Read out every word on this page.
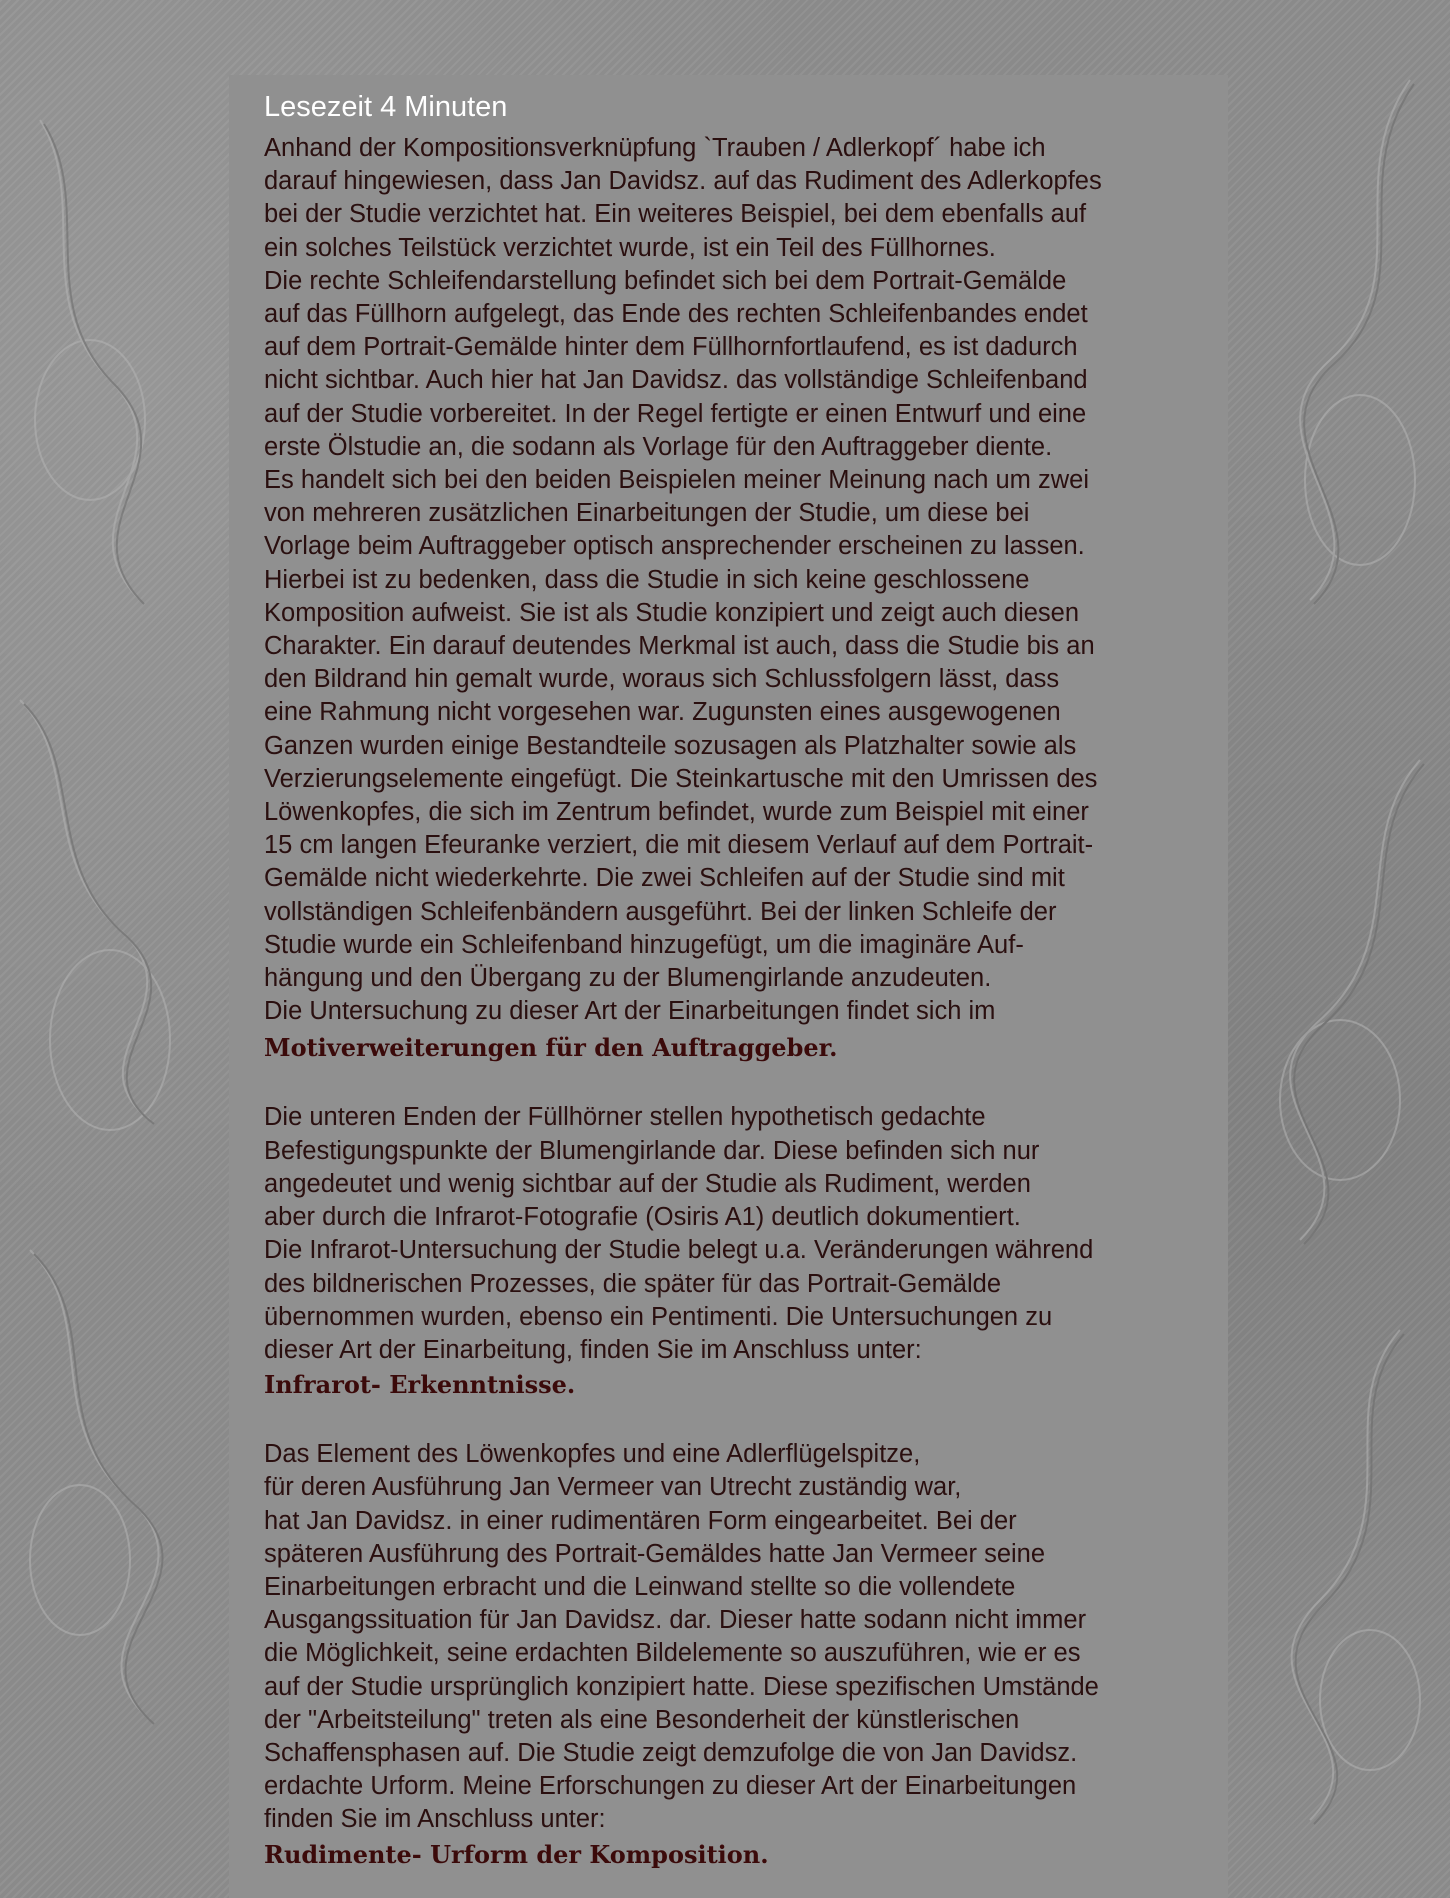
Lesezeit 4 Minuten

Anhand der Kompositionsverknüpfung `Trauben / Adlerkopf´ habe ich
darauf hingewiesen, dass Jan Davidsz. auf das Rudiment des Adlerkopfes
bei der Studie verzichtet hat. Ein weiteres Beispiel, bei dem ebenfalls auf
ein solches Teilstück verzichtet wurde, ist ein Teil des Füllhornes.
Die rechte Schleifendarstellung befindet sich bei dem Portrait-Gemälde
auf das Füllhorn aufgelegt, das Ende des rechten Schleifenbandes endet
auf dem Portrait-Gemälde hinter dem Füllhornfortlaufend, es ist dadurch
nicht sichtbar. Auch hier hat Jan Davidsz. das vollständige Schleifenband
auf der Studie vorbereitet. In der Regel fertigte er einen Entwurf und eine
erste Ölstudie an, die sodann als Vorlage für den Auftraggeber diente.
Es handelt sich bei den beiden Beispielen meiner Meinung nach um zwei
von mehreren zusätzlichen Einarbeitungen der Studie, um diese bei
Vorlage beim Auftraggeber optisch ansprechender erscheinen zu lassen.
Hierbei ist zu bedenken, dass die Studie in sich keine geschlossene
Komposition aufweist. Sie ist als Studie konzipiert und zeigt auch diesen
Charakter. Ein darauf deutendes Merkmal ist auch, dass die Studie bis an
den Bildrand hin gemalt wurde, woraus sich Schlussfolgern lässt, dass
eine Rahmung nicht vorgesehen war. Zugunsten eines ausgewogenen
Ganzen wurden einige Bestandteile sozusagen als Platzhalter sowie als
Verzierungselemente eingefügt. Die Steinkartusche mit den Umrissen des
Löwenkopfes, die sich im Zentrum befindet, wurde zum Beispiel mit einer
15 cm langen Efeuranke verziert, die mit diesem Verlauf auf dem Portrait-
Gemälde nicht wiederkehrte. Die zwei Schleifen auf der Studie sind mit
vollständigen Schleifenbändern ausgeführt. Bei der linken Schleife der
Studie wurde ein Schleifenband hinzugefügt, um die imaginäre Auf-
hängung und den Übergang zu der Blumengirlande anzudeuten.
Die Untersuchung zu dieser Art der Einarbeitungen findet sich im

Motiverweiterungen für den Auftraggeber.

Die unteren Enden der Füllhörner stellen hypothetisch gedachte
Befestigungspunkte der Blumengirlande dar. Diese befinden sich nur
angedeutet und wenig sichtbar auf der Studie als Rudiment, werden
aber durch die Infrarot-Fotografie (Osiris A1) deutlich dokumentiert.
Die Infrarot-Untersuchung der Studie belegt u.a. Veränderungen während
des bildnerischen Prozesses, die später für das Portrait-Gemälde
übernommen wurden, ebenso ein Pentimenti. Die Untersuchungen zu
dieser Art der Einarbeitung, finden Sie im Anschluss unter:

Infrarot- Erkenntnisse.

Das Element des Löwenkopfes und eine Adlerflügelspitze,
für deren Ausführung Jan Vermeer van Utrecht zuständig war,
hat Jan Davidsz. in einer rudimentären Form eingearbeitet. Bei der
späteren Ausführung des Portrait-Gemäldes hatte Jan Vermeer seine
Einarbeitungen erbracht und die Leinwand stellte so die vollendete
Ausgangssituation für Jan Davidsz. dar. Dieser hatte sodann nicht immer
die Möglichkeit, seine erdachten Bildelemente so auszuführen, wie er es
auf der Studie ursprünglich konzipiert hatte. Diese spezifischen Umstände
der "Arbeitsteilung" treten als eine Besonderheit der künstlerischen
Schaffensphasen auf. Die Studie zeigt demzufolge die von Jan Davidsz.
erdachte Urform. Meine Erforschungen zu dieser Art der Einarbeitungen
finden Sie im Anschluss unter:

Rudimente- Urform der Komposition.
